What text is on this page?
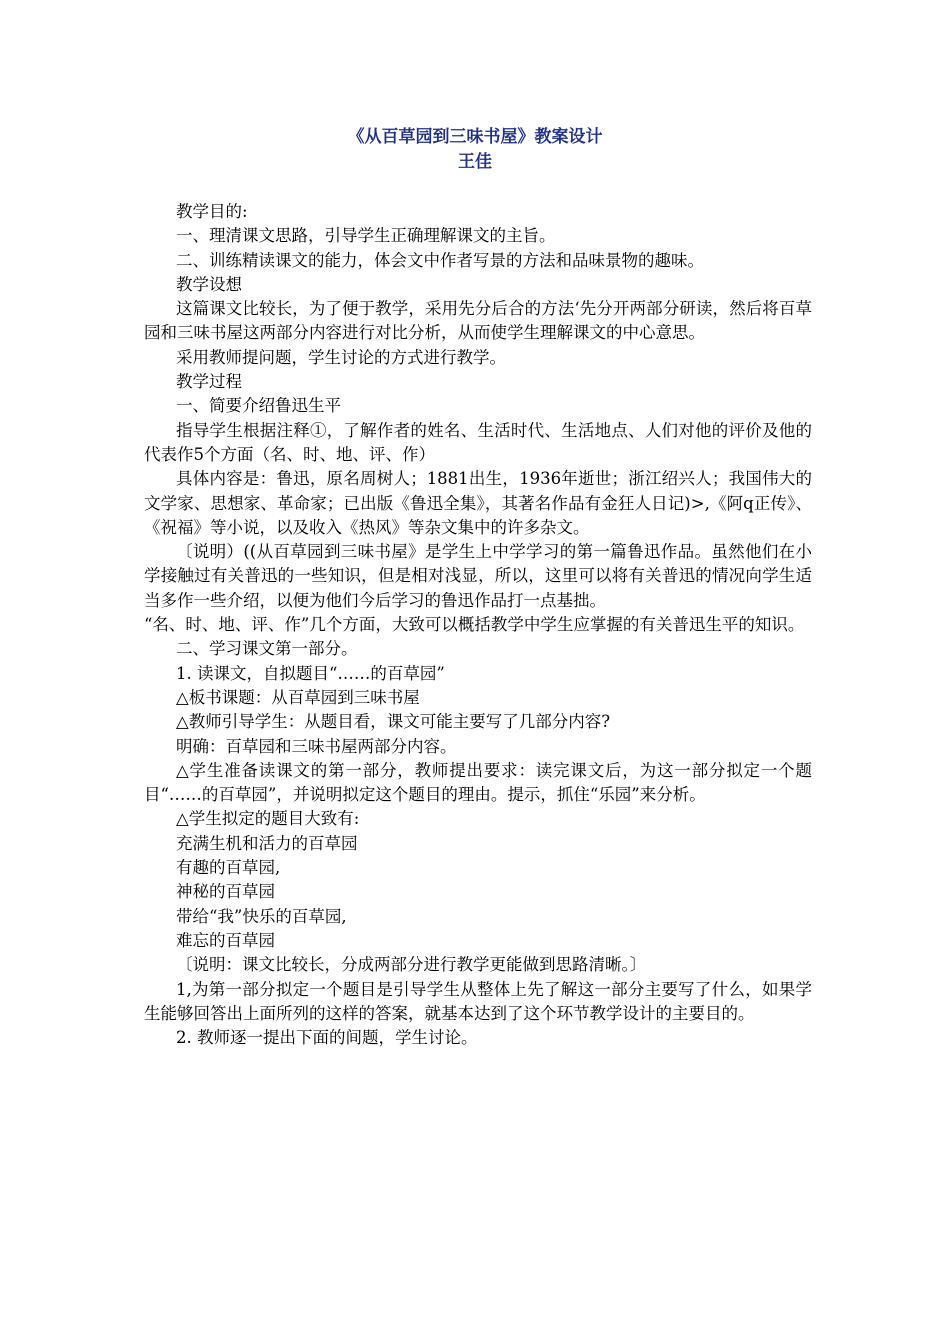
《从百草园到三味书屋》教案设计
王佳

教学目的:

一、理清课文思路，引导学生正确理解课文的主旨。

二、训练精读课文的能力，体会文中作者写景的方法和品味景物的趣味。

教学设想

这篇课文比较长，为了便于教学，采用先分后合的方法‘先分开两部分研读，然后将百草园和三味书屋这两部分内容进行对比分析，从而使学生理解课文的中心意思。

采用教师提问题，学生讨论的方式进行教学。

教学过程

一、简要介绍鲁迅生平

指导学生根据注释①，了解作者的姓名、生活时代、生活地点、人们对他的评价及他的代表作5个方面（名、时、地、评、作）

具体内容是：鲁迅，原名周树人；1881出生，1936年逝世；浙江绍兴人；我国伟大的文学家、思想家、革命家；已出版《鲁迅全集》，其著名作品有金狂人日记)>,《阿q正传》、《祝福》等小说，以及收入《热风》等杂文集中的许多杂文。

〔说明）((从百草园到三味书屋》是学生上中学学习的第一篇鲁迅作品。虽然他们在小学接触过有关普迅的一些知识，但是相对浅显，所以，这里可以将有关普迅的情况向学生适当多作一些介绍，以便为他们今后学习的鲁迅作品打一点基拙。

“名、时、地、评、作”几个方面，大致可以概括教学中学生应掌握的有关普迅生平的知识。

二、学习课文第一部分。

1. 读课文，自拟题目“……的百草园”

△板书课题：从百草园到三味书屋

△教师引导学生：从题目看，课文可能主要写了几部分内容?

明确：百草园和三味书屋两部分内容。

△学生准备读课文的第一部分，教师提出要求：读完课文后，为这一部分拟定一个题目“……的百草园”，并说明拟定这个题目的理由。提示，抓住“乐园”来分析。

△学生拟定的题目大致有:

充满生机和活力的百草园

有趣的百草园,

神秘的百草园

带给“我”快乐的百草园,

难忘的百草园

〔说明：课文比较长，分成两部分进行教学更能做到思路清晰。〕

1,为第一部分拟定一个题目是引导学生从整体上先了解这一部分主要写了什么，如果学生能够回答出上面所列的这样的答案，就基本达到了这个环节教学设计的主要目的。

2. 教师逐一提出下面的间题，学生讨论。
